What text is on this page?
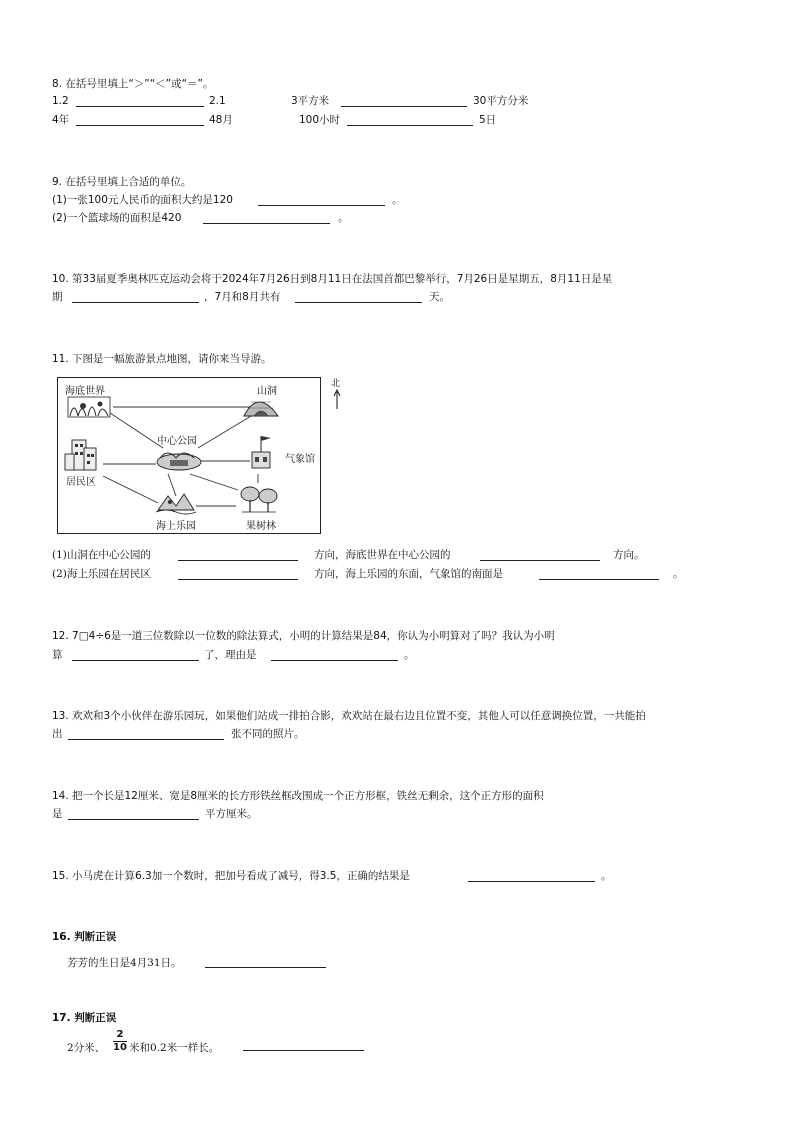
8. 在括号里填上“＞”“＜”或“＝”。
1.2	2.1	3平方米	30平方分米
4年	48月	100小时	5日
9. 在括号里填上合适的单位。
(1)一张100元人民币的面积大约是120	。
(2)一个篮球场的面积是420	。
10. 第33届夏季奥林匹克运动会将于2024年7月26日到8月11日在法国首都巴黎举行，7月26日是星期五，8月11日是星
期	，7月和8月共有	天。
11. 下图是一幅旅游景点地图，请你来当导游。
海底世界	山洞
中心公园
气象馆
居民区
海上乐园	果树林
北
(1)山洞在中心公园的	方向，海底世界在中心公园的	方向。
(2)海上乐园在居民区	方向，海上乐园的东面，气象馆的南面是	。
12. 7□4÷6是一道三位数除以一位数的除法算式，小明的计算结果是84，你认为小明算对了吗？我认为小明
算	了，理由是	。
13. 欢欢和3个小伙伴在游乐园玩，如果他们站成一排拍合影，欢欢站在最右边且位置不变，其他人可以任意调换位置，一共能拍
出	张不同的照片。
14. 把一个长是12厘米、宽是8厘米的长方形铁丝框改围成一个正方形框，铁丝无剩余，这个正方形的面积
是	平方厘米。
15. 小马虎在计算6.3加一个数时，把加号看成了减号，得3.5，正确的结果是	。
16. 判断正误
芳芳的生日是4月31日。
17. 判断正误
2分米、 $\frac{2}{10}$ 米和0.2米一样长。
